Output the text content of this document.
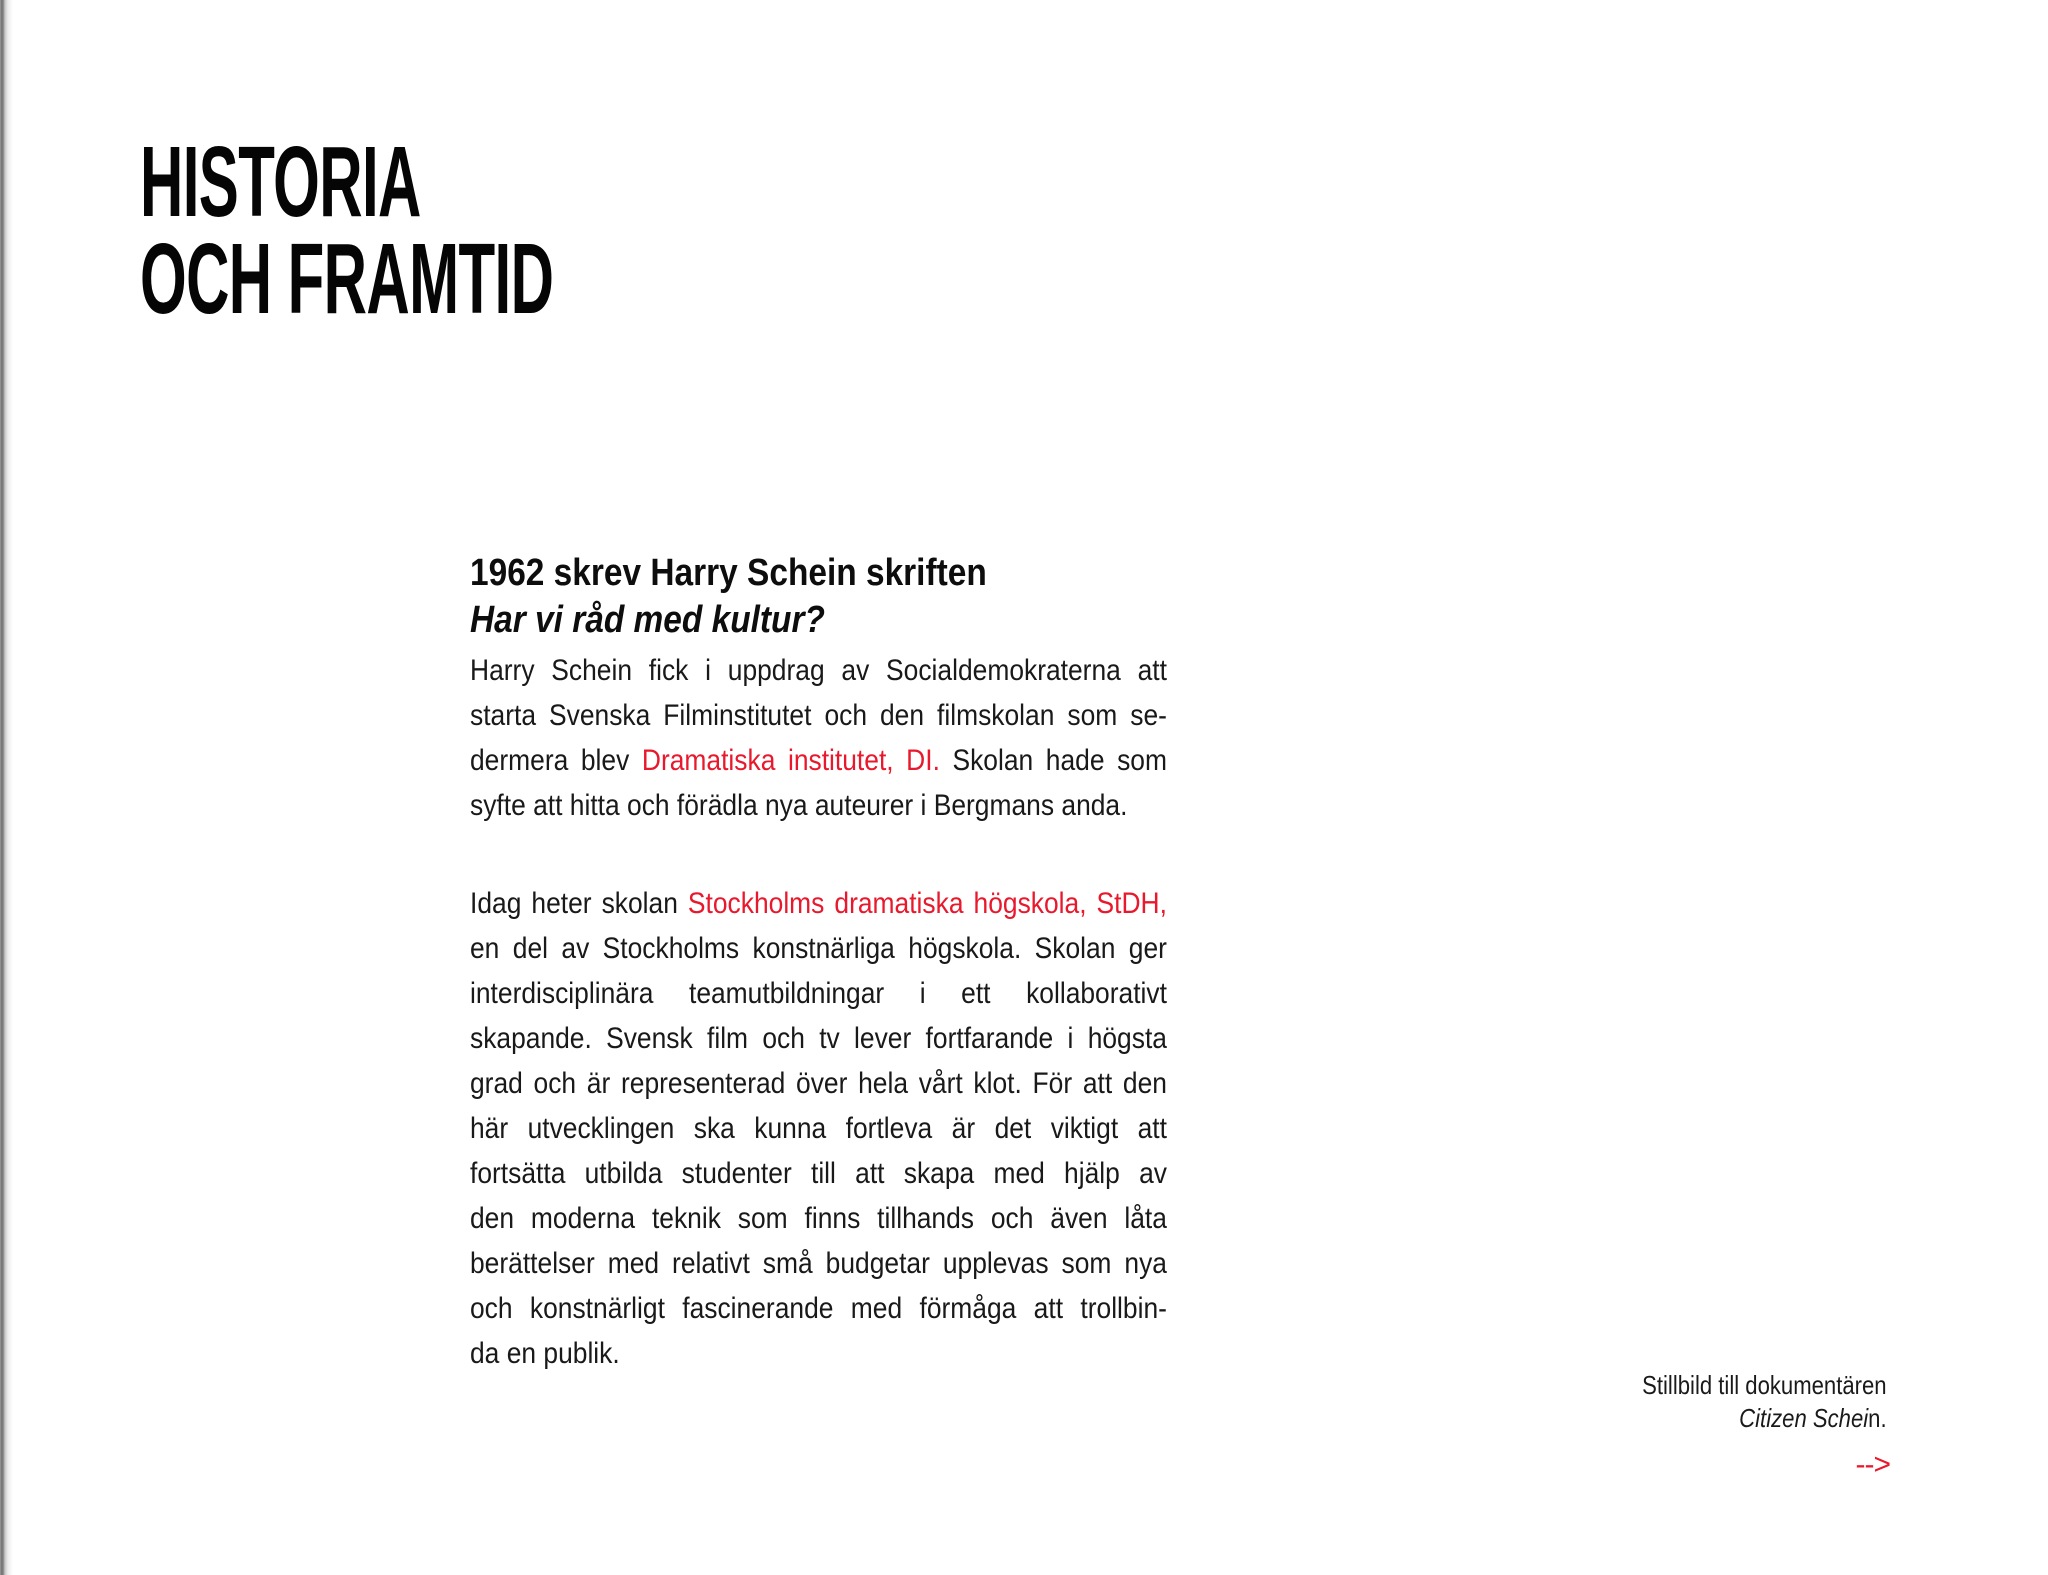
HISTORIA
OCH FRAMTID
1962 skrev Harry Schein skriften
Har vi råd med kultur?
Harry Schein fick i uppdrag av Socialdemokraterna att
starta Svenska Filminstitutet och den filmskolan som se-
dermera blev Dramatiska institutet, DI. Skolan hade som
syfte att hitta och förädla nya auteurer i Bergmans anda.
Idag heter skolan Stockholms dramatiska högskola, StDH,
en del av Stockholms konstnärliga högskola. Skolan ger
interdisciplinära teamutbildningar i ett kollaborativt
skapande. Svensk film och tv lever fortfarande i högsta
grad och är representerad över hela vårt klot. För att den
här utvecklingen ska kunna fortleva är det viktigt att
fortsätta utbilda studenter till att skapa med hjälp av
den moderna teknik som finns tillhands och även låta
berättelser med relativt små budgetar upplevas som nya
och konstnärligt fascinerande med förmåga att trollbin-
da en publik.
Stillbild till dokumentären
Citizen Schein.
-->
